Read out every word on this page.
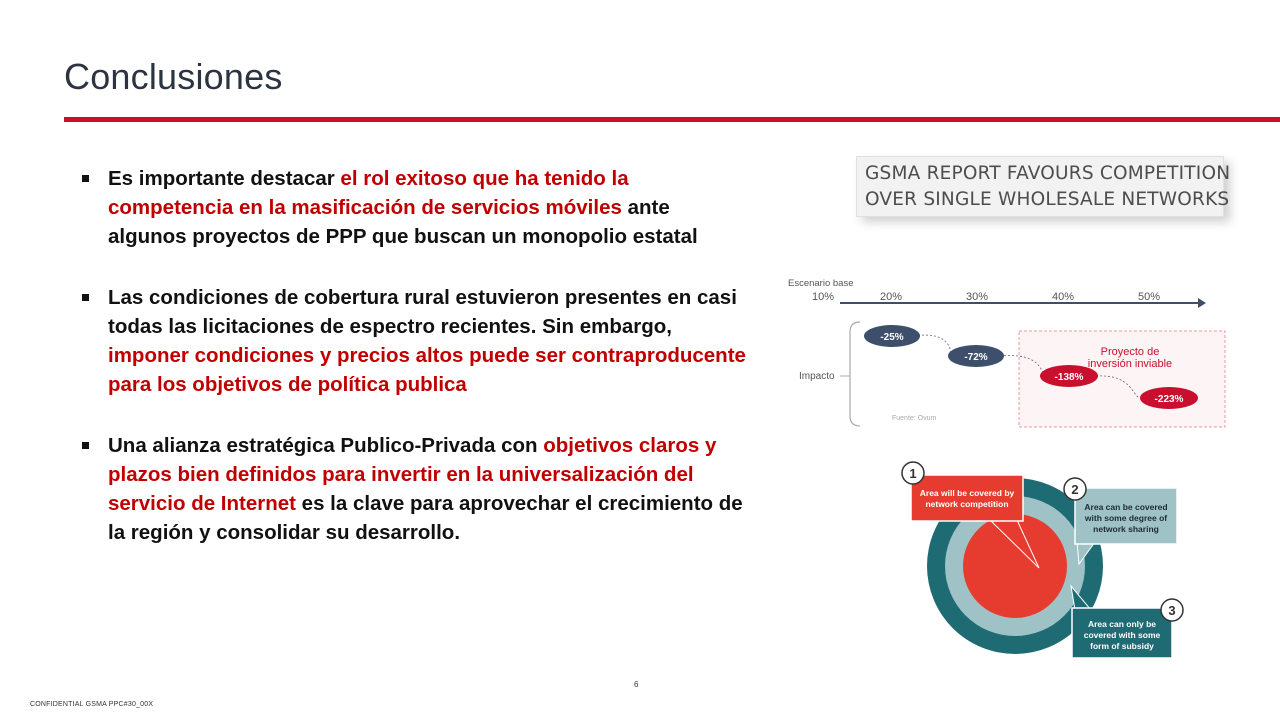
Conclusiones
Es importante destacar el rol exitoso que ha tenido la competencia en la masificación de servicios móviles ante algunos proyectos de PPP que buscan un monopolio estatal
Las condiciones de cobertura rural estuvieron presentes en casi todas las licitaciones de espectro recientes. Sin embargo, imponer condiciones y precios altos puede ser contraproducente para los objetivos de política publica
Una alianza estratégica Publico-Privada con objetivos claros y plazos bien definidos para invertir en la universalización del servicio de Internet es la clave para aprovechar el crecimiento de la región y consolidar su desarrollo.
GSMA REPORT FAVOURS COMPETITION
OVER SINGLE WHOLESALE NETWORKS
Escenario base
10%	20%	30%	40%	50%
Impacto
Proyecto de
inversión inviable
-25%
-72%
-138%
-223%
Fuente: Ovum
Area will be covered by
network competition
1
Area can be covered
with some degree of
network sharing
2
Area can only be
covered with some
form of subsidy
3
6
CONFIDENTIAL GSMA PPC#30_00X
